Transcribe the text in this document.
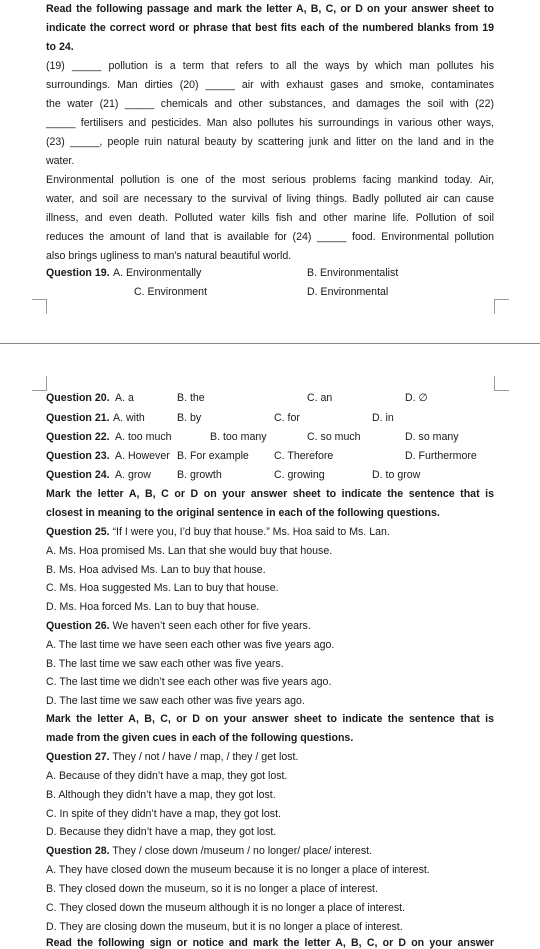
Read the following passage and mark the letter A, B, C, or D on your answer sheet to
indicate the correct word or phrase that best fits each of the numbered blanks from 19
to 24.
(19) _____ pollution is a term that refers to all the ways by which man pollutes his
surroundings. Man dirties (20) _____ air with exhaust gases and smoke, contaminates
the water (21) _____ chemicals and other substances, and damages the soil with (22)
_____ fertilisers and pesticides. Man also pollutes his surroundings in various other ways,
(23) _____, people ruin natural beauty by scattering junk and litter on the land and in the
water.
Environmental pollution is one of the most serious problems facing mankind today. Air,
water, and soil are necessary to the survival of living things. Badly polluted air can cause
illness, and even death. Polluted water kills fish and other marine life. Pollution of soil
reduces the amount of land that is available for (24) _____ food. Environmental pollution
also brings ugliness to man's natural beautiful world.
Question 19. A. Environmentally	B. Environmentalist
C. Environment	D. Environmental
Question 20. A. a	B. the	C. an	D. ∅
Question 21. A. with	B. by	C. for	D. in
Question 22. A. too much	B. too many	C. so much	D. so many
Question 23. A. However B. For example C. Therefore	D. Furthermore
Question 24. A. grow B. growth	C. growing	D. to grow
Mark the letter A, B, C or D on your answer sheet to indicate the sentence that is
closest in meaning to the original sentence in each of the following questions.
Question 25. “If I were you, I’d buy that house.” Ms. Hoa said to Ms. Lan.
A. Ms. Hoa promised Ms. Lan that she would buy that house.
B. Ms. Hoa advised Ms. Lan to buy that house.
C. Ms. Hoa suggested Ms. Lan to buy that house.
D. Ms. Hoa forced Ms. Lan to buy that house.
Question 26. We haven’t seen each other for five years.
A. The last time we have seen each other was five years ago.
B. The last time we saw each other was five years.
C. The last time we didn’t see each other was five years ago.
D. The last time we saw each other was five years ago.
Mark the letter A, B, C, or D on your answer sheet to indicate the sentence that is
made from the given cues in each of the following questions.
Question 27. They / not / have / map, / they / get lost.
A. Because of they didn’t have a map, they got lost.
B. Although they didn’t have a map, they got lost.
C. In spite of they didn’t have a map, they got lost.
D. Because they didn’t have a map, they got lost.
Question 28. They / close down /museum / no longer/ place/ interest.
A. They have closed down the museum because it is no longer a place of interest.
B. They closed down the museum, so it is no longer a place of interest.
C. They closed down the museum although it is no longer a place of interest.
D. They are closing down the museum, but it is no longer a place of interest.
Read the following sign or notice and mark the letter A, B, C, or D on your answer
